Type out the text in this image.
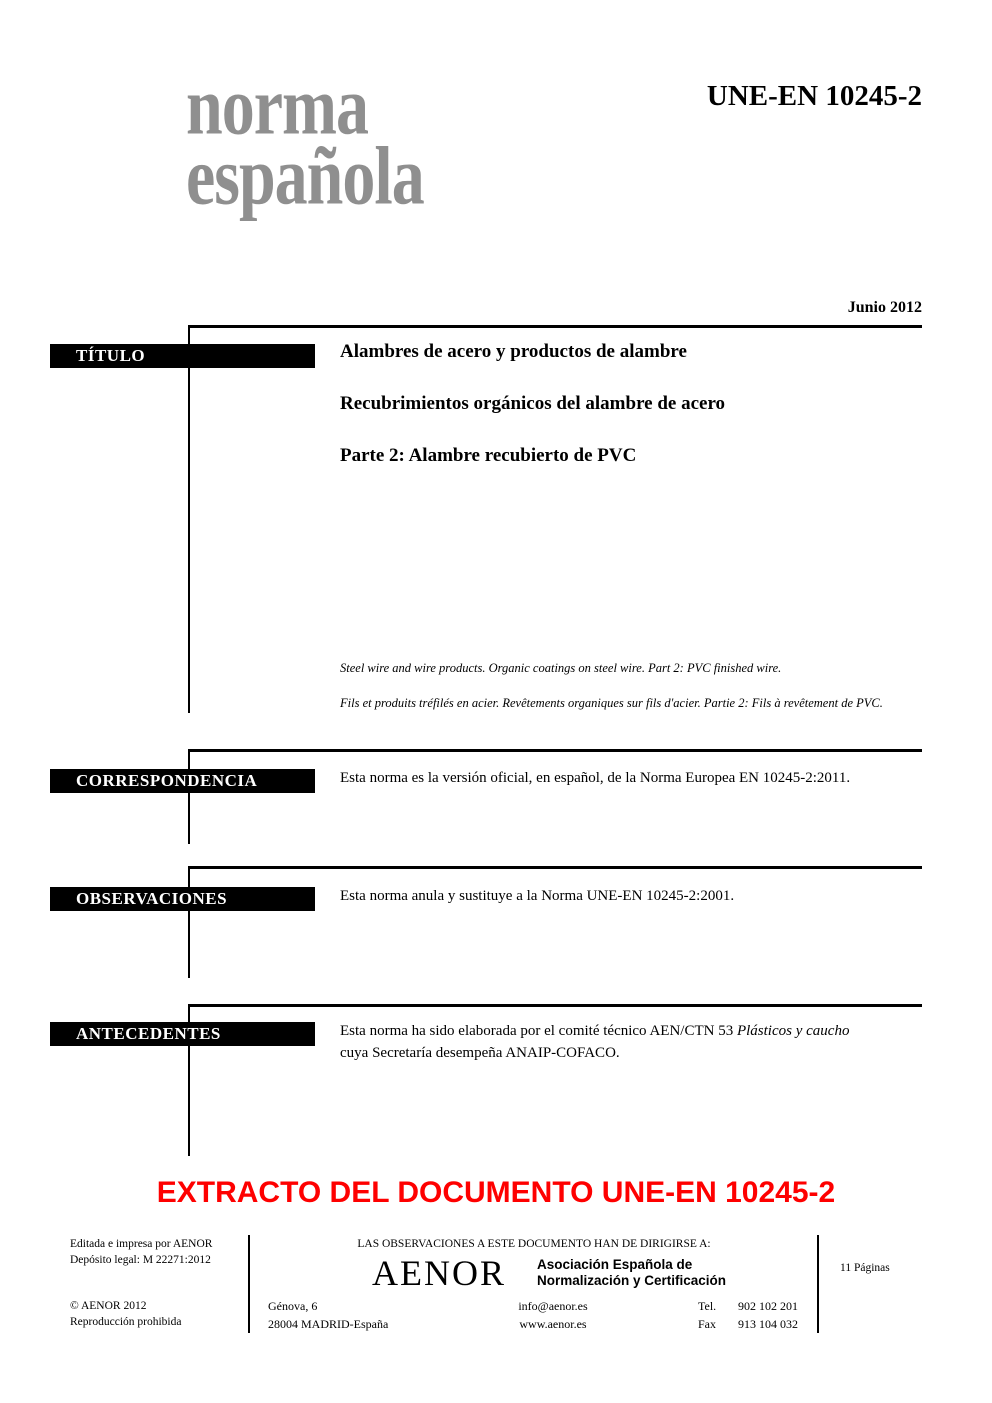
norma
española
UNE-EN 10245-2
Junio 2012
TÍTULO	Alambres de acero y productos de alambre
Recubrimientos orgánicos del alambre de acero
Parte 2: Alambre recubierto de PVC
Steel wire and wire products. Organic coatings on steel wire. Part 2: PVC finished wire.
Fils et produits tréfilés en acier. Revêtements organiques sur fils d'acier. Partie 2: Fils à revêtement de PVC.
CORRESPONDENCIA	Esta norma es la versión oficial, en español, de la Norma Europea EN 10245-2:2011.
OBSERVACIONES	Esta norma anula y sustituye a la Norma UNE-EN 10245-2:2001.
ANTECEDENTES	Esta norma ha sido elaborada por el comité técnico AEN/CTN 53 Plásticos y caucho
cuya Secretaría desempeña ANAIP-COFACO.
EXTRACTO DEL DOCUMENTO UNE-EN 10245-2
Editada e impresa por AENOR
Depósito legal: M 22271:2012
© AENOR 2012
Reproducción prohibida
LAS OBSERVACIONES A ESTE DOCUMENTO HAN DE DIRIGIRSE A:
AENOR Asociación Española de
Normalización y Certificación
Génova, 6
28004 MADRID-España
info@aenor.es
www.aenor.es
Tel. 902 102 201
Fax 913 104 032
11 Páginas
